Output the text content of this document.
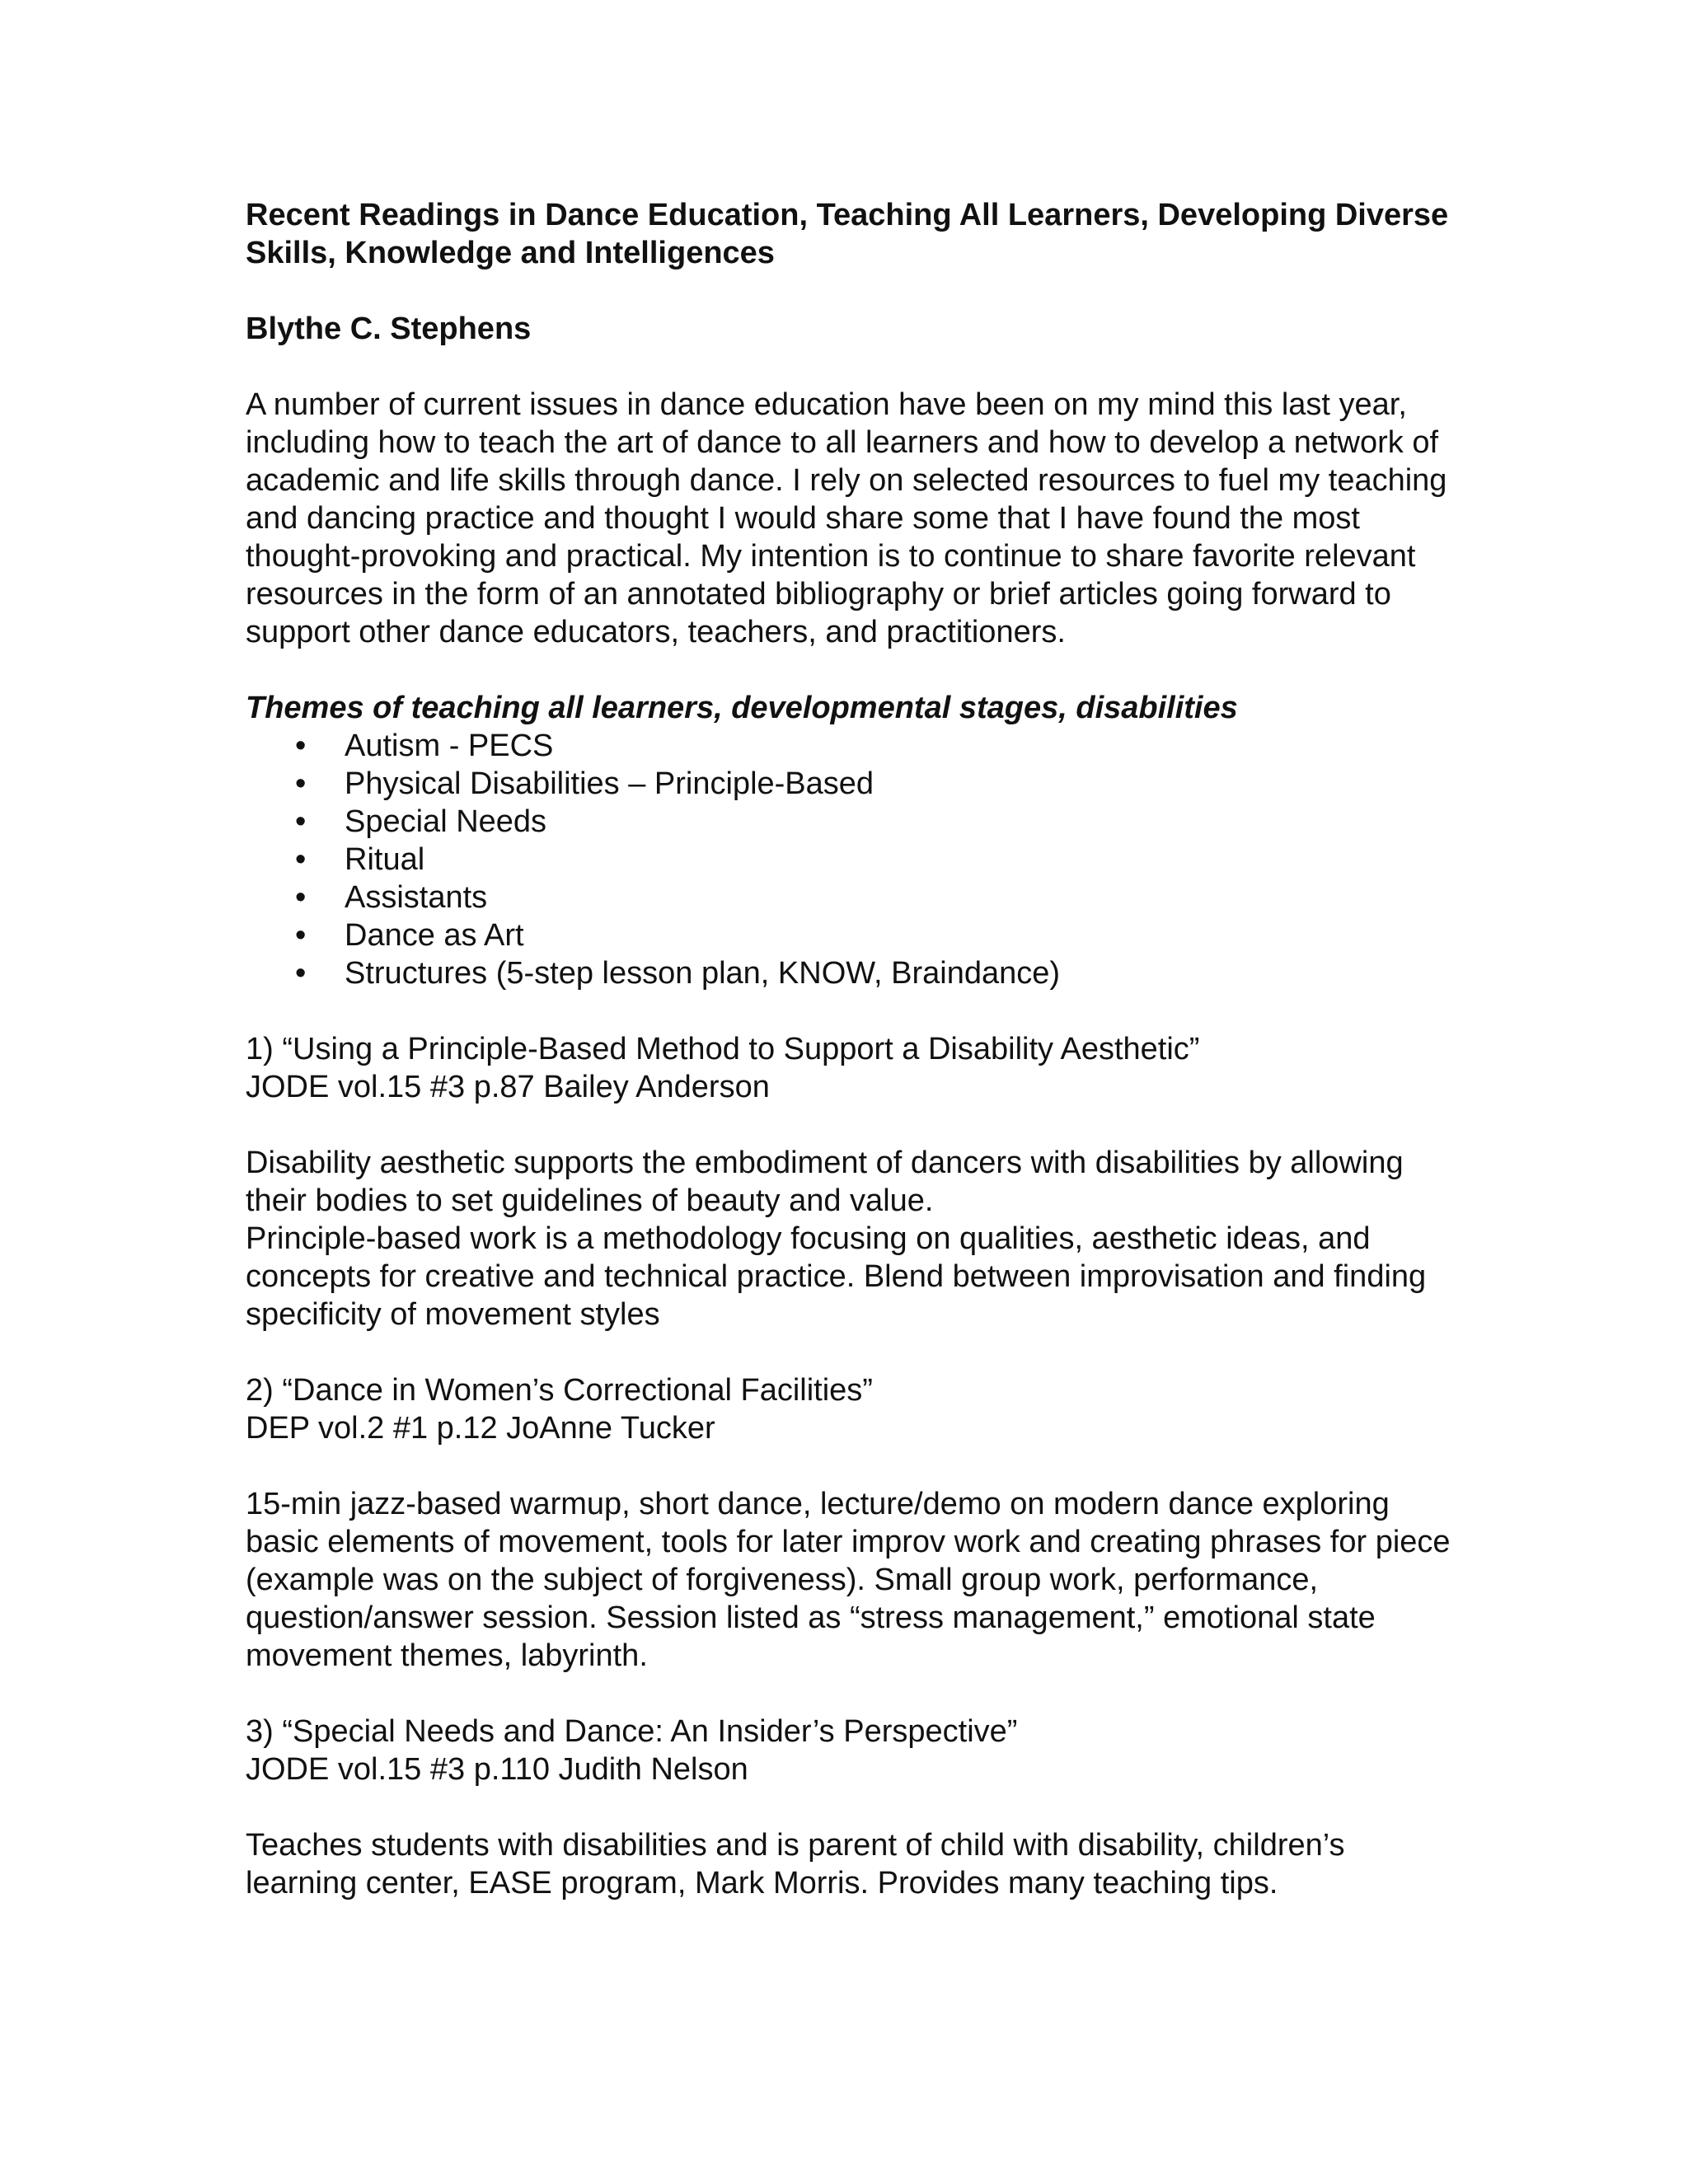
Recent Readings in Dance Education, Teaching All Learners, Developing Diverse Skills, Knowledge and Intelligences

Blythe C. Stephens

A number of current issues in dance education have been on my mind this last year, including how to teach the art of dance to all learners and how to develop a network of academic and life skills through dance. I rely on selected resources to fuel my teaching and dancing practice and thought I would share some that I have found the most thought-provoking and practical. My intention is to continue to share favorite relevant resources in the form of an annotated bibliography or brief articles going forward to support other dance educators, teachers, and practitioners.

Themes of teaching all learners, developmental stages, disabilities

• Autism - PECS
• Physical Disabilities – Principle-Based
• Special Needs
• Ritual
• Assistants
• Dance as Art
• Structures (5-step lesson plan, KNOW, Braindance)

1) “Using a Principle-Based Method to Support a Disability Aesthetic”

JODE vol.15 #3 p.87 Bailey Anderson

Disability aesthetic supports the embodiment of dancers with disabilities by allowing their bodies to set guidelines of beauty and value.

Principle-based work is a methodology focusing on qualities, aesthetic ideas, and concepts for creative and technical practice. Blend between improvisation and finding specificity of movement styles

2) “Dance in Women’s Correctional Facilities”

DEP vol.2 #1 p.12 JoAnne Tucker

15-min jazz-based warmup, short dance, lecture/demo on modern dance exploring basic elements of movement, tools for later improv work and creating phrases for piece (example was on the subject of forgiveness). Small group work, performance, question/answer session. Session listed as “stress management,” emotional state movement themes, labyrinth.

3) “Special Needs and Dance: An Insider’s Perspective”

JODE vol.15 #3 p.110 Judith Nelson

Teaches students with disabilities and is parent of child with disability, children’s learning center, EASE program, Mark Morris. Provides many teaching tips.
